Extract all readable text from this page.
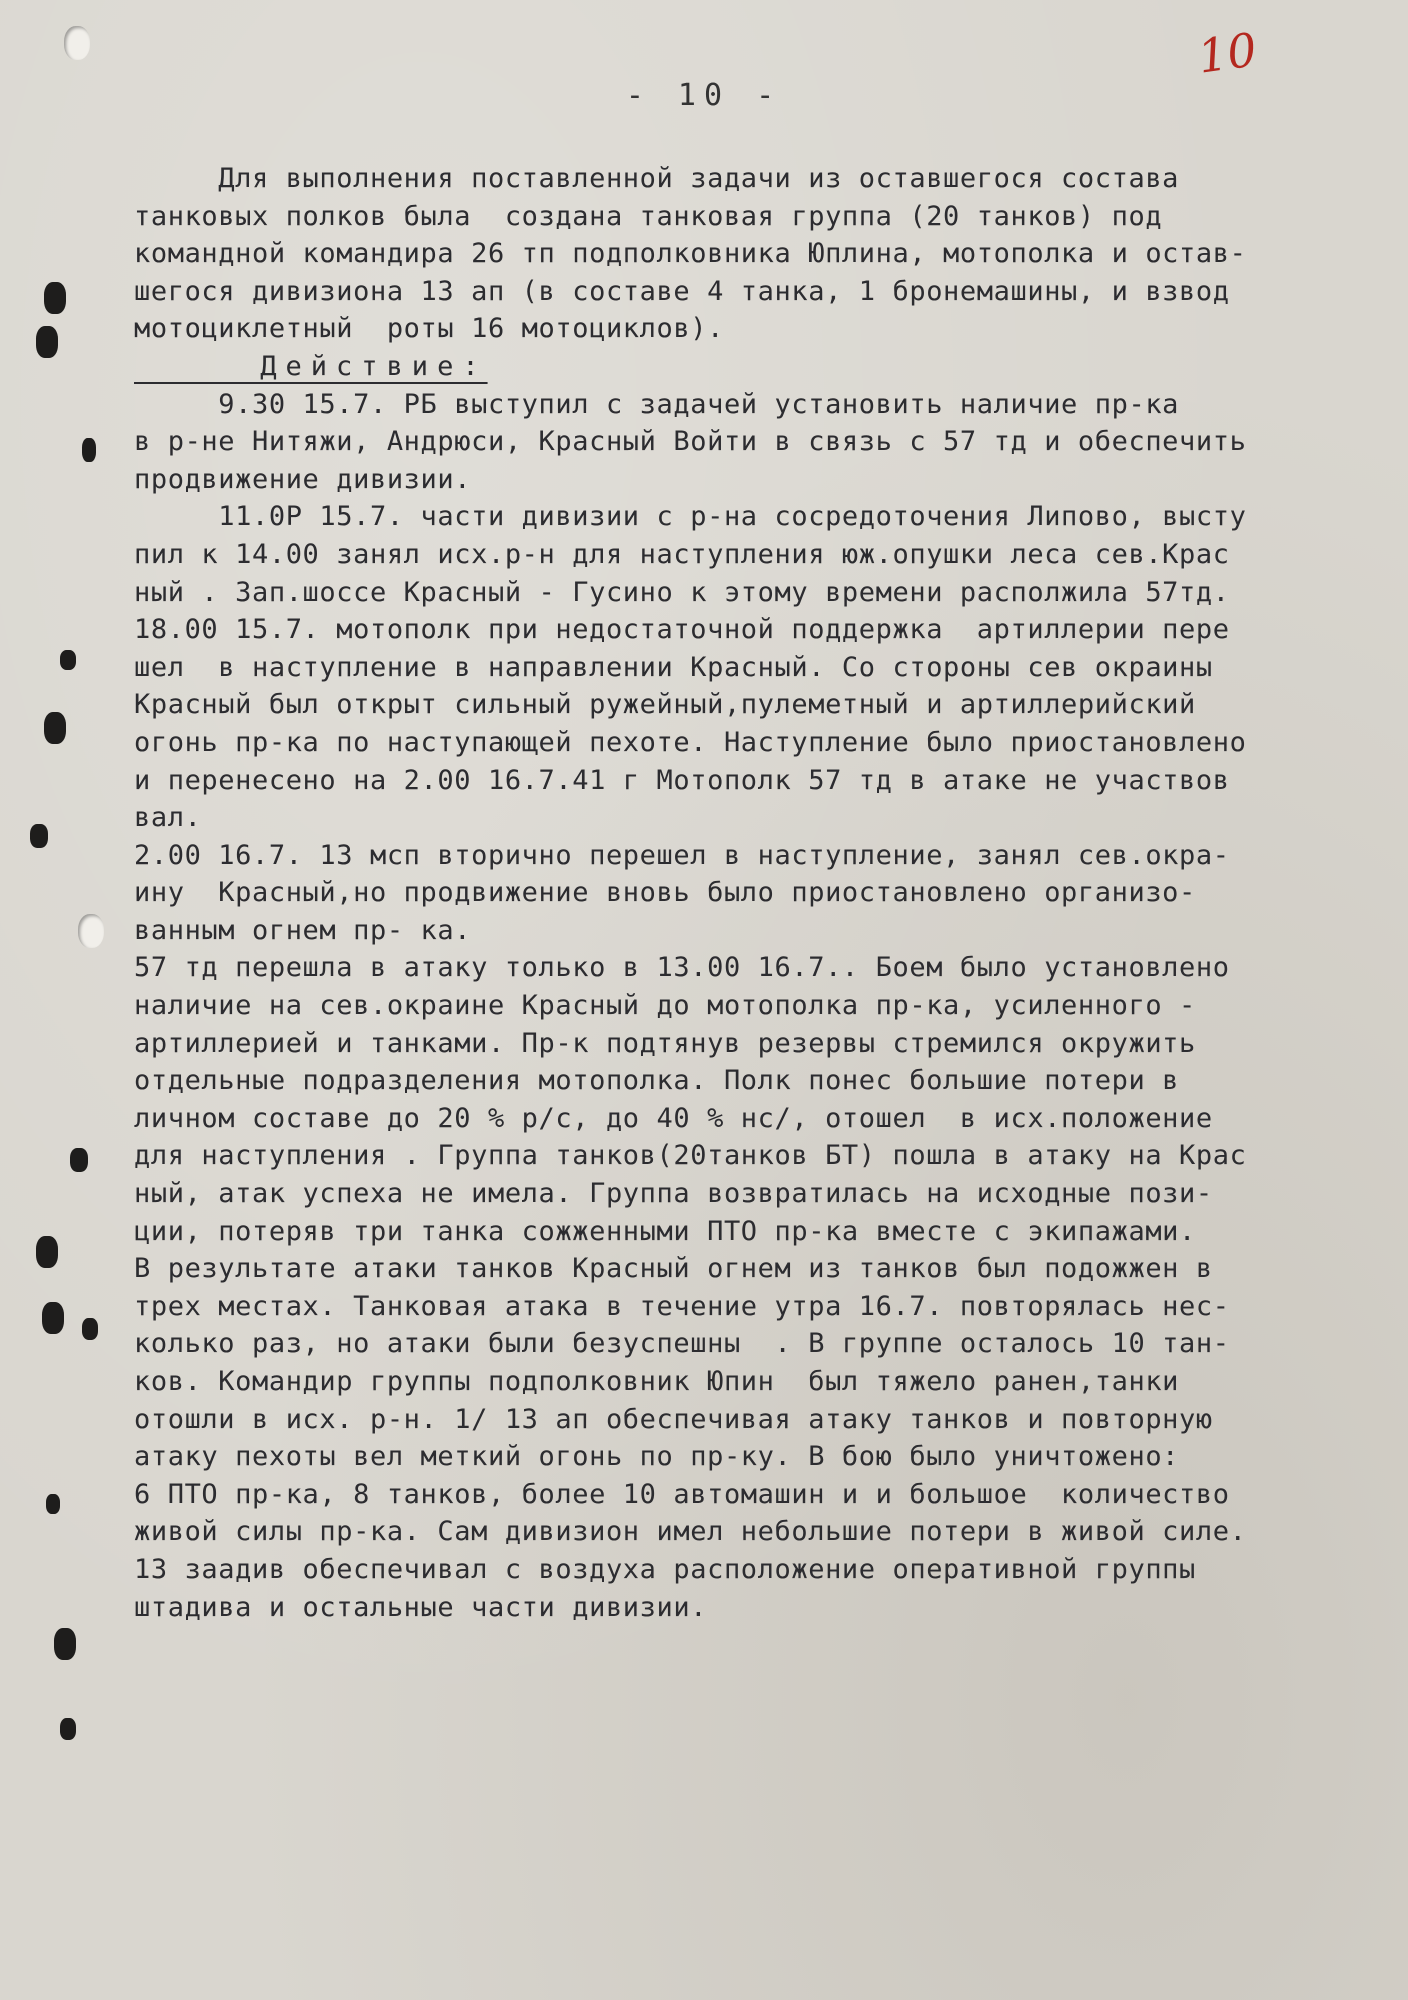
10
- 10 -
Для выполнения поставленной задачи из оставшегося состава
танковых полков была  создана танковая группа (20 танков) под
командной командира 26 тп подполковника Юплина, мотополка и остав-
шегося дивизиона 13 ап (в составе 4 танка, 1 бронемашины, и взвод
мотоциклетный  роты 16 мотоциклов).
Действие:
9.30 15.7. РБ выступил с задачей установить наличие пр-ка
в р-не Нитяжи, Андрюси, Красный Войти в связь с 57 тд и обеспечить
продвижение дивизии.
11.0Р 15.7. части дивизии с р-на сосредоточения Липово, высту
пил к 14.00 занял исх.р-н для наступления юж.опушки леса сев.Крас
ный . Зап.шоссе Красный - Гусино к этому времени располжила 57тд.
18.00 15.7. мотополк при недостаточной поддержка  артиллерии пере
шел  в наступление в направлении Красный. Со стороны сев окраины
Красный был открыт сильный ружейный,пулеметный и артиллерийский
огонь пр-ка по наступающей пехоте. Наступление было приостановлено
и перенесено на 2.00 16.7.41 г Мотополк 57 тд в атаке не участвов
вал.
2.00 16.7. 13 мсп вторично перешел в наступление, занял сев.окра-
ину  Красный,но продвижение вновь было приостановлено организо-
ванным огнем пр- ка.
57 тд перешла в атаку только в 13.00 16.7.. Боем было установлено
наличие на сев.окраине Красный до мотополка пр-ка, усиленного -
артиллерией и танками. Пр-к подтянув резервы стремился окружить
отдельные подразделения мотополка. Полк понес большие потери в
личном составе до 20 % р/с, до 40 % нс/, отошел  в исх.положение
для наступления . Группа танков(20танков БТ) пошла в атаку на Крас
ный, атак успеха не имела. Группа возвратилась на исходные пози-
ции, потеряв три танка сожженными ПТО пр-ка вместе с экипажами.
В результате атаки танков Красный огнем из танков был подожжен в
трех местах. Танковая атака в течение утра 16.7. повторялась нес-
колько раз, но атаки были безуспешны  . В группе осталось 10 тан-
ков. Командир группы подполковник Юпин  был тяжело ранен,танки
отошли в исх. р-н. 1/ 13 ап обеспечивая атаку танков и повторную
атаку пехоты вел меткий огонь по пр-ку. В бою было уничтожено:
6 ПТО пр-ка, 8 танков, более 10 автомашин и и большое  количество
живой силы пр-ка. Сам дивизион имел небольшие потери в живой силе.
13 заадив обеспечивал с воздуха расположение оперативной группы
штадива и остальные части дивизии.
